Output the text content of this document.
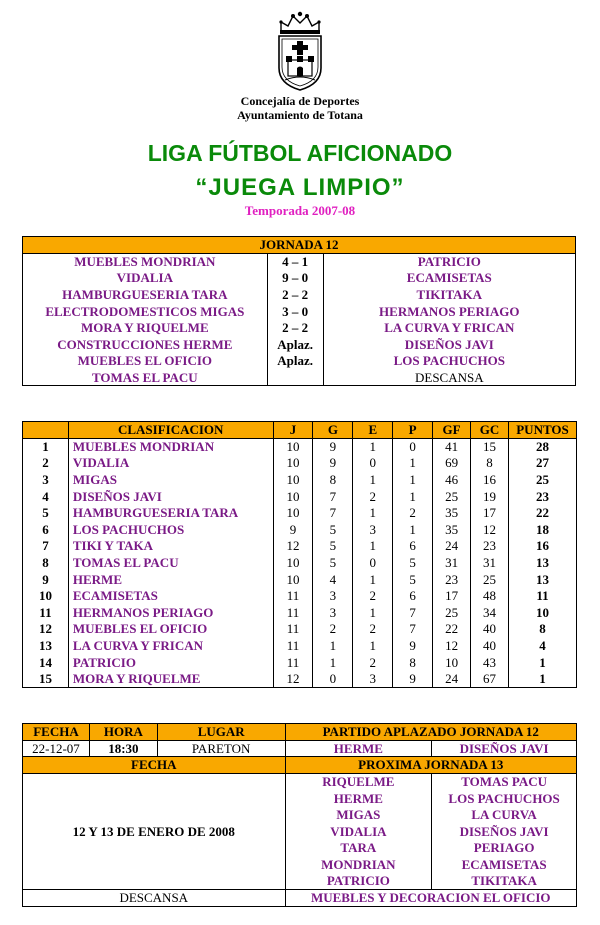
Concejalía de Deportes
Ayuntamiento de Totana
LIGA FÚTBOL AFICIONADO
“JUEGA LIMPIO”
Temporada 2007-08
JORNADA 12		
MUEBLES MONDRIAN	4 – 1	PATRICIO
VIDALIA	9 – 0	ECAMISETAS
HAMBURGUESERIA TARA	2 – 2	TIKITAKA
ELECTRODOMESTICOS MIGAS	3 – 0	HERMANOS PERIAGO
MORA Y RIQUELME	2 – 2	LA CURVA Y FRICAN
CONSTRUCCIONES HERME	Aplaz.	DISEÑOS JAVI
MUEBLES EL OFICIO	Aplaz.	LOS PACHUCHOS
TOMAS EL PACU		DESCANSA
	CLASIFICACION	J	G	E	P	GF	GC	PUNTOS
1	MUEBLES MONDRIAN	10	9	1	0	41	15	28
2	VIDALIA	10	9	0	1	69	8	27
3	MIGAS	10	8	1	1	46	16	25
4	DISEÑOS JAVI	10	7	2	1	25	19	23
5	HAMBURGUESERIA TARA	10	7	1	2	35	17	22
6	LOS PACHUCHOS	9	5	3	1	35	12	18
7	TIKI Y TAKA	12	5	1	6	24	23	16
8	TOMAS EL PACU	10	5	0	5	31	31	13
9	HERME	10	4	1	5	23	25	13
10	ECAMISETAS	11	3	2	6	17	48	11
11	HERMANOS PERIAGO	11	3	1	7	25	34	10
12	MUEBLES EL OFICIO	11	2	2	7	22	40	8
13	LA CURVA Y FRICAN	11	1	1	9	12	40	4
14	PATRICIO	11	1	2	8	10	43	1
15	MORA Y RIQUELME	12	0	3	9	24	67	1
FECHA	HORA	LUGAR	PARTIDO APLAZADO JORNADA 12	
22-12-07	18:30	PARETON	HERME	DISEÑOS JAVI
FECHA			PROXIMA JORNADA 13	
12 Y 13 DE ENERO DE 2008			RIQUELME	TOMAS PACU
			HERME	LOS PACHUCHOS
			MIGAS	LA CURVA
			VIDALIA	DISEÑOS JAVI
			TARA	PERIAGO
			MONDRIAN	ECAMISETAS
			PATRICIO	TIKITAKA
DESCANSA			MUEBLES Y DECORACION EL OFICIO	
